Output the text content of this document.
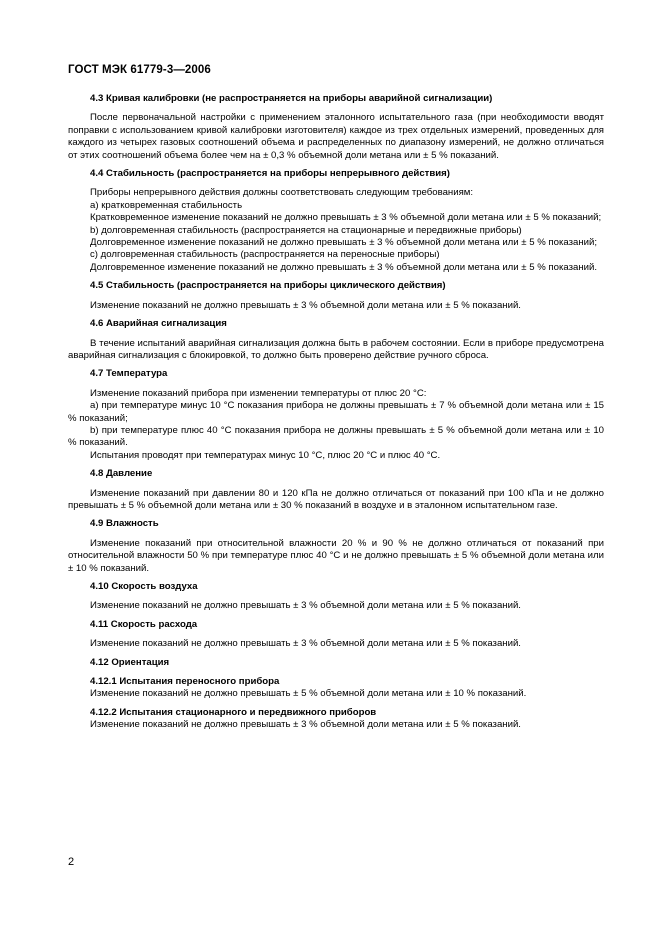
ГОСТ МЭК 61779-3—2006

4.3 Кривая калибровки (не распространяется на приборы аварийной сигнализации)

После первоначальной настройки с применением эталонного испытательного газа (при необходимости вводят поправки с использованием кривой калибровки изготовителя) каждое из трех отдельных измерений, проведенных для каждого из четырех газовых соотношений объема и распределенных по диапазону измерений, не должно отличаться от этих соотношений объема более чем на ± 0,3 % объемной доли метана или ± 5 % показаний.

4.4 Стабильность (распространяется на приборы непрерывного действия)

Приборы непрерывного действия должны соответствовать следующим требованиям:

а) кратковременная стабильность

Кратковременное изменение показаний не должно превышать ± 3 % объемной доли метана или ± 5 % показаний;

b) долговременная стабильность (распространяется на стационарные и передвижные приборы)

Долговременное изменение показаний не должно превышать ± 3 % объемной доли метана или ± 5 % показаний;

с) долговременная стабильность (распространяется на переносные приборы)

Долговременное изменение показаний не должно превышать ± 3 % объемной доли метана или ± 5 % показаний.

4.5 Стабильность (распространяется на приборы циклического действия)

Изменение показаний не должно превышать ± 3 % объемной доли метана или ± 5 % показаний.

4.6 Аварийная сигнализация

В течение испытаний аварийная сигнализация должна быть в рабочем состоянии. Если в приборе предусмотрена аварийная сигнализация с блокировкой, то должно быть проверено действие ручного сброса.

4.7 Температура

Изменение показаний прибора при изменении температуры от плюс 20 °С:

а) при температуре минус 10 °С показания прибора не должны превышать ± 7 % объемной доли метана или ± 15 % показаний;

b) при температуре плюс 40 °С показания прибора не должны превышать ± 5 % объемной доли метана или ± 10 % показаний.

Испытания проводят при температурах минус 10 °С, плюс 20 °С и плюс 40 °С.

4.8 Давление

Изменение показаний при давлении 80 и 120 кПа не должно отличаться от показаний при 100 кПа и не должно превышать ± 5 % объемной доли метана или ± 30 % показаний в воздухе и в эталонном испытательном газе.

4.9 Влажность

Изменение показаний при относительной влажности 20 % и 90 % не должно отличаться от показаний при относительной влажности 50 % при температуре плюс 40 °С и не должно превышать ± 5 % объемной доли метана или ± 10 % показаний.

4.10 Скорость воздуха

Изменение показаний не должно превышать ± 3 % объемной доли метана или ± 5 % показаний.

4.11 Скорость расхода

Изменение показаний не должно превышать ± 3 % объемной доли метана или ± 5 % показаний.

4.12 Ориентация

4.12.1 Испытания переносного прибора

Изменение показаний не должно превышать ± 5 % объемной доли метана или ± 10 % показаний.

4.12.2 Испытания стационарного и передвижного приборов

Изменение показаний не должно превышать ± 3 % объемной доли метана или ± 5 % показаний.

2
